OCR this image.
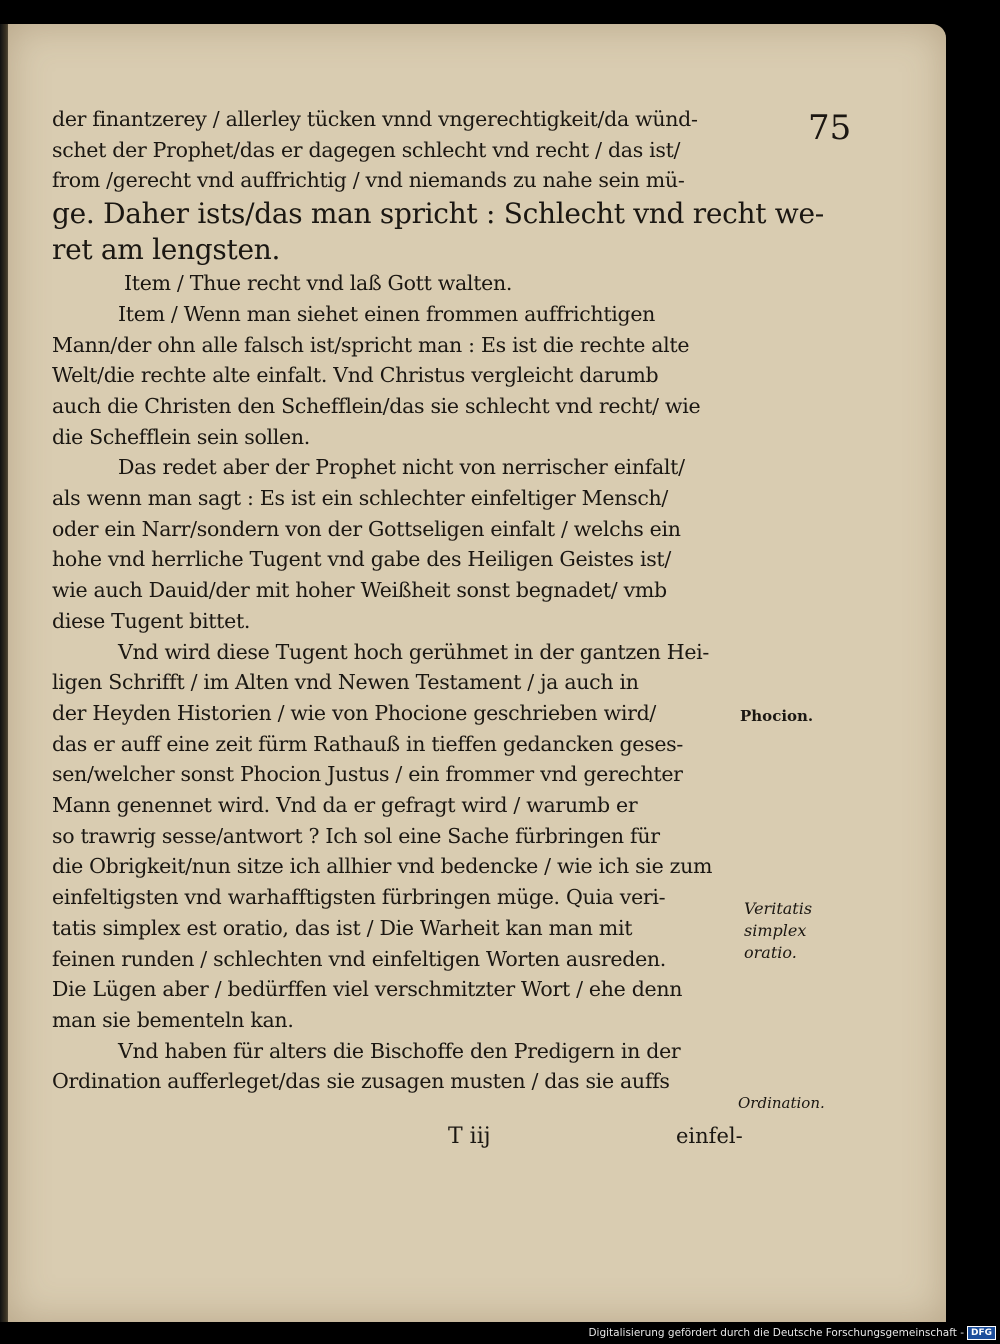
75
der finantzerey / allerley tücken vnnd vngerechtigkeit/da wünd-
schet der Prophet/das er dagegen schlecht vnd recht / das ist/
from /gerecht vnd auffrichtig / vnd niemands zu nahe sein mü-
ge. Daher ists/das man spricht : Schlecht vnd recht we-
ret am lengsten.
Item / Thue recht vnd laß Gott walten.
Item / Wenn man siehet einen frommen auffrichtigen
Mann/der ohn alle falsch ist/spricht man : Es ist die rechte alte
Welt/die rechte alte einfalt. Vnd Christus vergleicht darumb
auch die Christen den Schefflein/das sie schlecht vnd recht/ wie
die Schefflein sein sollen.
Das redet aber der Prophet nicht von nerrischer einfalt/
als wenn man sagt : Es ist ein schlechter einfeltiger Mensch/
oder ein Narr/sondern von der Gottseligen einfalt / welchs ein
hohe vnd herrliche Tugent vnd gabe des Heiligen Geistes ist/
wie auch Dauid/der mit hoher Weißheit sonst begnadet/ vmb
diese Tugent bittet.
Vnd wird diese Tugent hoch gerühmet in der gantzen Hei-
ligen Schrifft / im Alten vnd Newen Testament / ja auch in
der Heyden Historien / wie von Phocione geschrieben wird/
das er auff eine zeit fürm Rathauß in tieffen gedancken geses-
sen/welcher sonst Phocion Justus / ein frommer vnd gerechter
Mann genennet wird. Vnd da er gefragt wird / warumb er
so trawrig sesse/antwort ? Ich sol eine Sache fürbringen für
die Obrigkeit/nun sitze ich allhier vnd bedencke / wie ich sie zum
einfeltigsten vnd warhafftigsten fürbringen müge. Quia veri-
tatis simplex est oratio, das ist / Die Warheit kan man mit
feinen runden / schlechten vnd einfeltigen Worten ausreden.
Die Lügen aber / bedürffen viel verschmitzter Wort / ehe denn
man sie bementeln kan.
Vnd haben für alters die Bischoffe den Predigern in der
Ordination aufferleget/das sie zusagen musten / das sie auffs
Phocion.
Veritatis
simplex
oratio.
Ordination.
T iij	einfel-
Digitalisierung gefördert durch die Deutsche Forschungsgemeinschaft - DFG
